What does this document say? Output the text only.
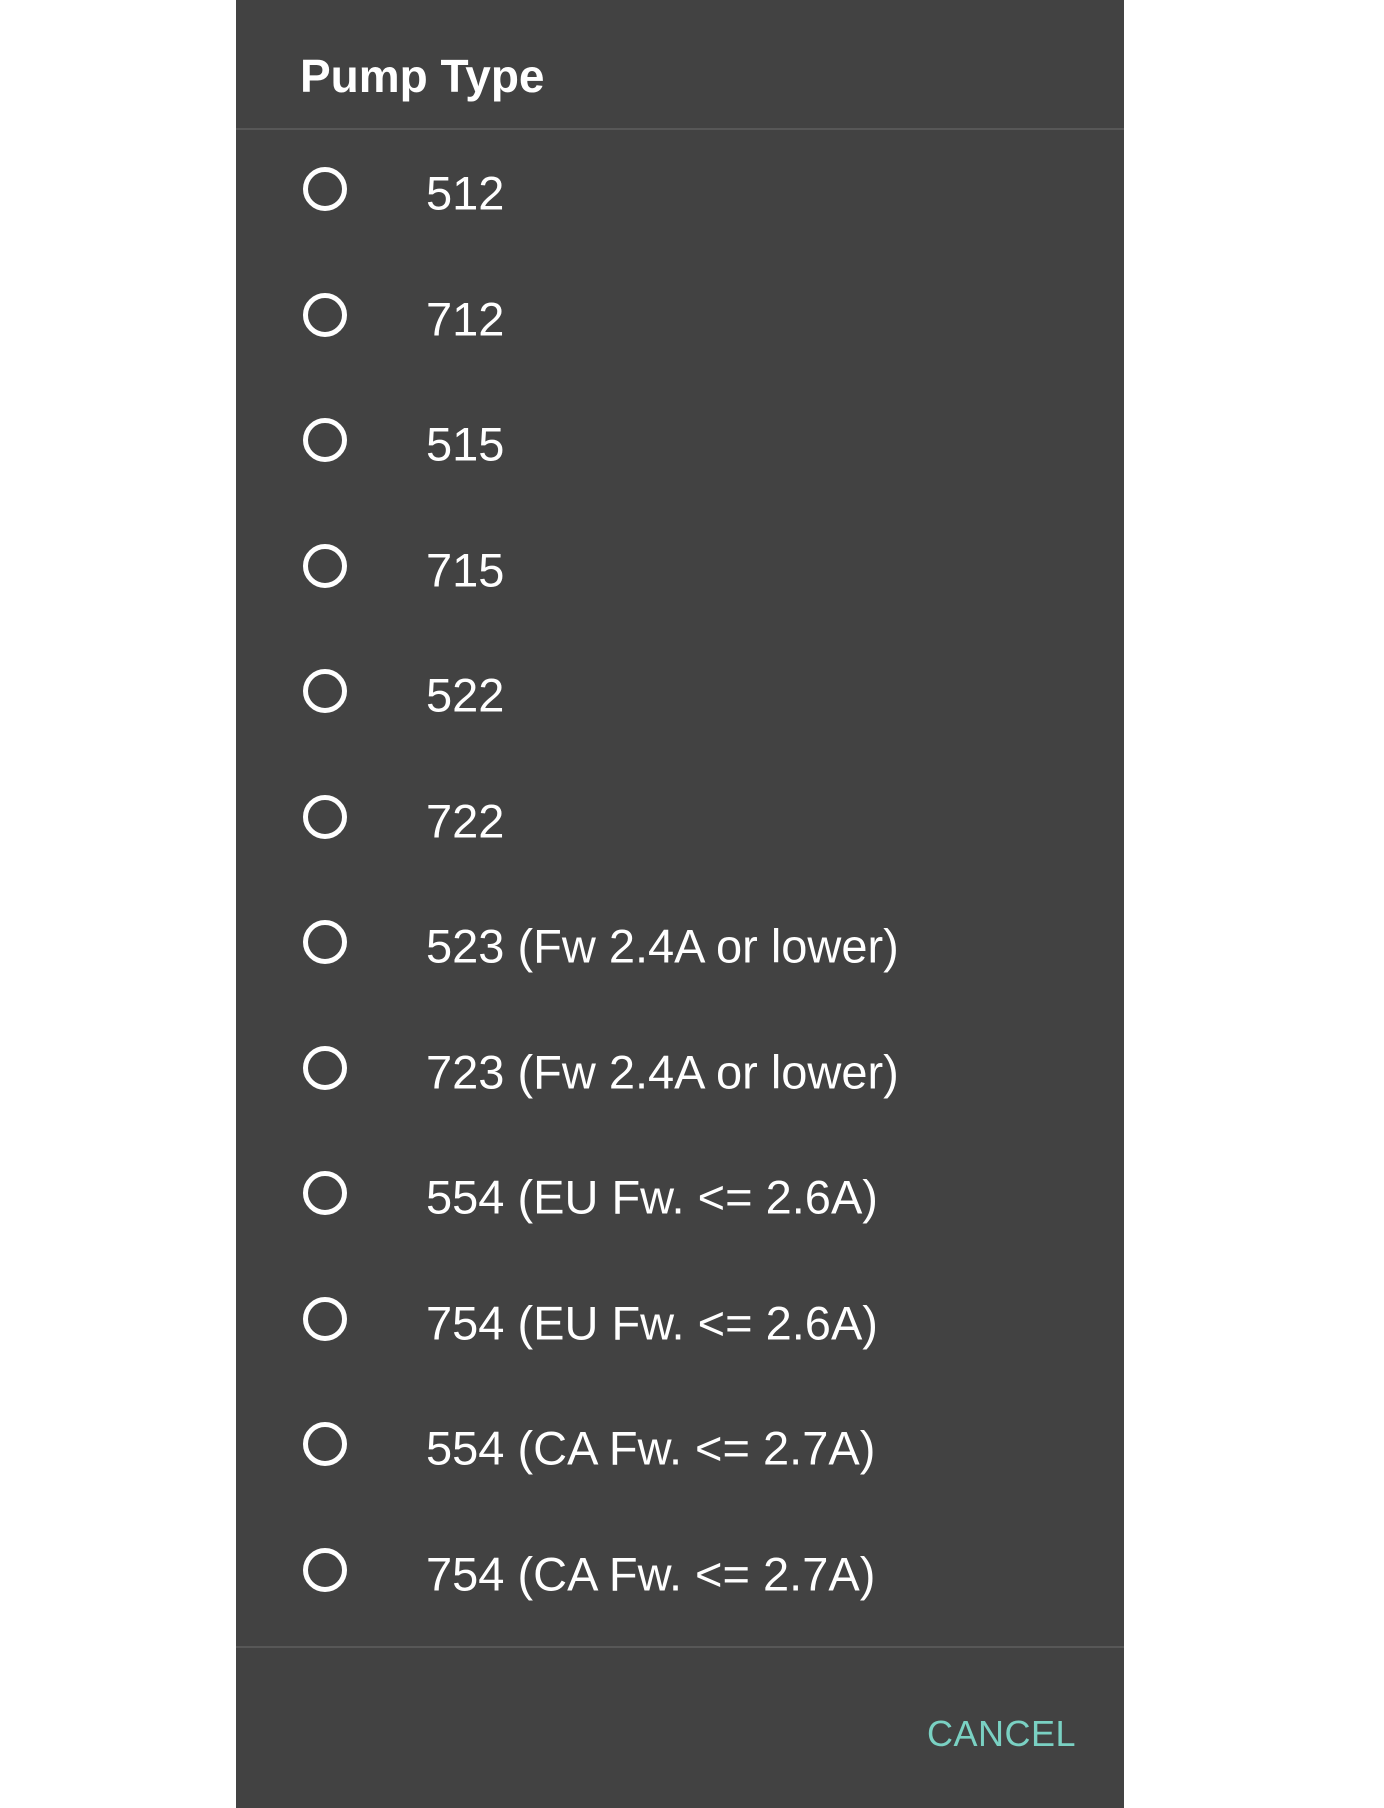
Pump Type
512
712
515
715
522
722
523 (Fw 2.4A or lower)
723 (Fw 2.4A or lower)
554 (EU Fw. <= 2.6A)
754 (EU Fw. <= 2.6A)
554 (CA Fw. <= 2.7A)
754 (CA Fw. <= 2.7A)
CANCEL
